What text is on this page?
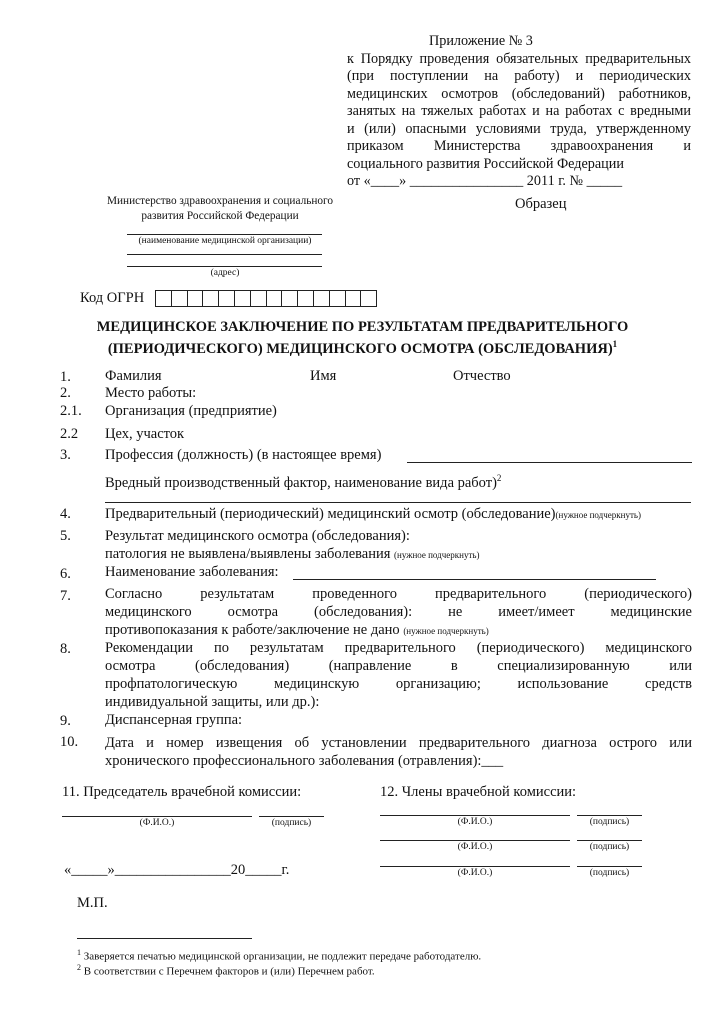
Приложение № 3
к Порядку проведения обязательных предварительных
(при поступлении на работу) и периодических
медицинских осмотров (обследований) работников,
занятых на тяжелых работах и на работах с вредными
и (или) опасными условиями труда, утвержденному
приказом Министерства здравоохранения и
социального развития Российской Федерации
от «____» ________________ 2011 г. № _____
Министерство здравоохранения и социального
развития Российской Федерации
Образец
(наименование медицинской организации)
(адрес)
Код ОГРН
МЕДИЦИНСКОЕ ЗАКЛЮЧЕНИЕ ПО РЕЗУЛЬТАТАМ ПРЕДВАРИТЕЛЬНОГО
(ПЕРИОДИЧЕСКОГО) МЕДИЦИНСКОГО ОСМОТРА (ОБСЛЕДОВАНИЯ)$^1$
1. Фамилия	Имя	Отчество
2. Место работы:
2.1. Организация (предприятие)
2.2 Цех, участок
3. Профессия (должность) (в настоящее время)
Вредный производственный фактор, наименование вида работ)$^2$
4. Предварительный (периодический) медицинский осмотр (обследование)(нужное подчеркнуть)
5. Результат медицинского осмотра (обследования):
патология не выявлена/выявлены заболевания (нужное подчеркнуть)
6. Наименование заболевания:
7. Согласно результатам проведенного предварительного (периодического)
медицинского осмотра (обследования): не имеет/имеет медицинские
противопоказания к работе/заключение не дано (нужное подчеркнуть)
8. Рекомендации по результатам предварительного (периодического) медицинского
осмотра (обследования) (направление в специализированную или
профпатологическую медицинскую организацию; использование средств
индивидуальной защиты, или др.):
9. Диспансерная группа:
10. Дата и номер извещения об установлении предварительного диагноза острого или
хронического профессионального заболевания (отравления):___
11. Председатель врачебной комиссии:	12. Члены врачебной комиссии:
(Ф.И.О.)	(подпись)	(Ф.И.О.)	(подпись)
(Ф.И.О.)	(подпись)
(Ф.И.О.)	(подпись)
«_____»________________20_____г.
М.П.
$^1$ Заверяется печатью медицинской организации, не подлежит передаче работодателю.
$^2$ В соответствии с Перечнем факторов и (или) Перечнем работ.
